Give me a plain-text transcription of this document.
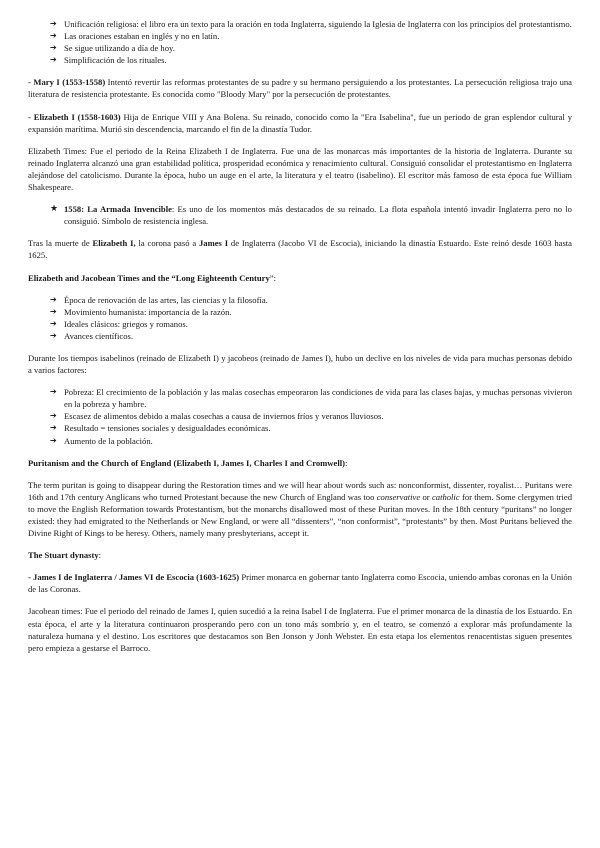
➔ Unificación religiosa: el libro era un texto para la oración en toda Inglaterra, siguiendo la Iglesia de Inglaterra con los principios del protestantismo.
➔ Las oraciones estaban en inglés y no en latín.
➔ Se sigue utilizando a día de hoy.
➔ Simplificación de los rituales.

- Mary I (1553-1558) Intentó revertir las reformas protestantes de su padre y su hermano persiguiendo a los protestantes. La persecución religiosa trajo una literatura de resistencia protestante. Es conocida como "Bloody Mary" por la persecución de protestantes.

- Elizabeth I (1558-1603) Hija de Enrique VIII y Ana Bolena. Su reinado, conocido como la "Era Isabelina", fue un periodo de gran esplendor cultural y expansión marítima. Murió sin descendencia, marcando el fin de la dinastía Tudor.

Elizabeth Times: Fue el periodo de la Reina Elizabeth I de Inglaterra. Fue una de las monarcas más importantes de la historia de Inglaterra. Durante su reinado Inglaterra alcanzó una gran estabilidad política, prosperidad económica y renacimiento cultural. Consiguió consolidar el protestantismo en Inglaterra alejándose del catolicismo. Durante la época, hubo un auge en el arte, la literatura y el teatro (isabelino). El escritor más famoso de esta época fue William Shakespeare.

★ 1558: La Armada Invencible: Es uno de los momentos más destacados de su reinado. La flota española intentó invadir Inglaterra pero no lo consiguió. Símbolo de resistencia inglesa.

Tras la muerte de Elizabeth I, la corona pasó a James I de Inglaterra (Jacobo VI de Escocia), iniciando la dinastía Estuardo. Este reinó desde 1603 hasta 1625.

Elizabeth and Jacobean Times and the “Long Eighteenth Century”:

➔ Época de renovación de las artes, las ciencias y la filosofía.
➔ Movimiento humanista: importancia de la razón.
➔ Ideales clásicos: griegos y romanos.
➔ Avances científicos.

Durante los tiempos isabelinos (reinado de Elizabeth I) y jacobeos (reinado de James I), hubo un declive en los niveles de vida para muchas personas debido a varios factores:

➔ Pobreza: El crecimiento de la población y las malas cosechas empeoraron las condiciones de vida para las clases bajas, y muchas personas vivieron en la pobreza y hambre.
➔ Escasez de alimentos debido a malas cosechas a causa de inviernos fríos y veranos lluviosos.
➔ Resultado = tensiones sociales y desigualdades económicas.
➔ Aumento de la población.

Puritanism and the Church of England (Elizabeth I, James I, Charles I and Cromwell):

The term puritan is going to disappear during the Restoration times and we will hear about words such as: nonconformist, dissenter, royalist… Puritans were 16th and 17th century Anglicans who turned Protestant because the new Church of England was too conservative or catholic for them. Some clergymen tried to move the English Reformation towards Protestantism, but the monarchs disallowed most of these Puritan moves. In the 18th century “puritans” no longer existed: they had emigrated to the Netherlands or New England, or were all “dissenters”, “non conformist”, “protestants” by then. Most Puritans believed the Divine Right of Kings to be heresy. Others, namely many presbyterians, accept it.

The Stuart dynasty:

- James I de Inglaterra / James VI de Escocia (1603-1625) Primer monarca en gobernar tanto Inglaterra como Escocia, uniendo ambas coronas en la Unión de las Coronas.

Jacobean times: Fue el periodo del reinado de James I, quien sucedió a la reina Isabel I de Inglaterra. Fue el primer monarca de la dinastía de los Estuardo. En esta época, el arte y la literatura continuaron prosperando pero con un tono más sombrío y, en el teatro, se comenzó a explorar más profundamente la naturaleza humana y el destino. Los escritores que destacamos son Ben Jonson y Jonh Webster. En esta etapa los elementos renacentistas siguen presentes pero empieza a gestarse el Barroco.
